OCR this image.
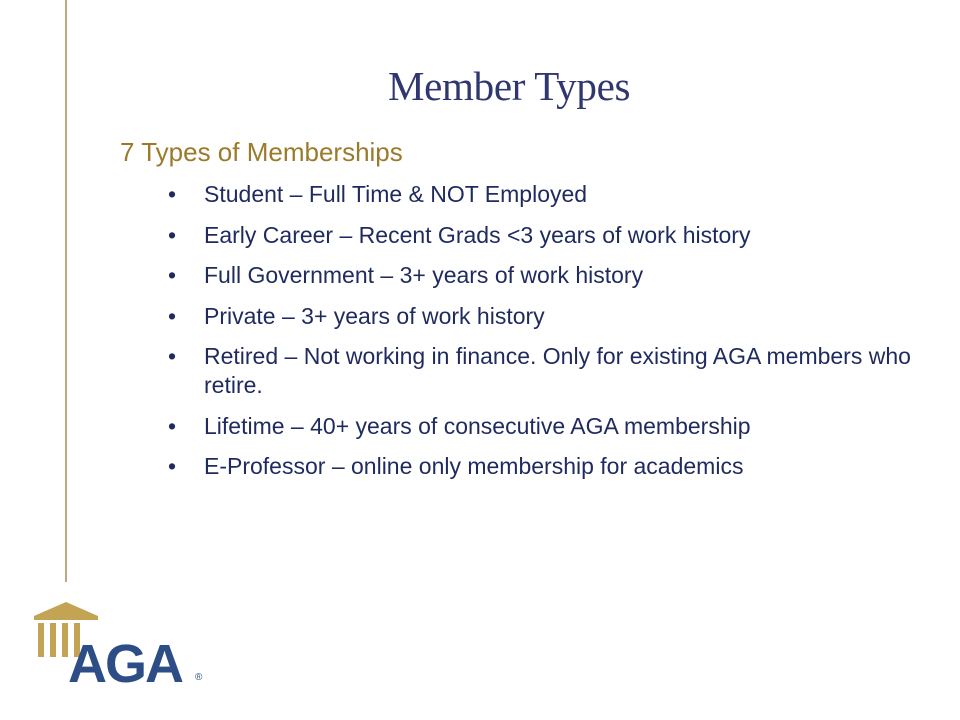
Member Types
7 Types of Memberships
• Student – Full Time & NOT Employed
• Early Career – Recent Grads <3 years of work history
• Full Government – 3+ years of work history
• Private – 3+ years of work history
• Retired – Not working in finance. Only for existing AGA members who retire.
• Lifetime – 40+ years of consecutive AGA membership
• E-Professor – online only membership for academics
AGA ®
